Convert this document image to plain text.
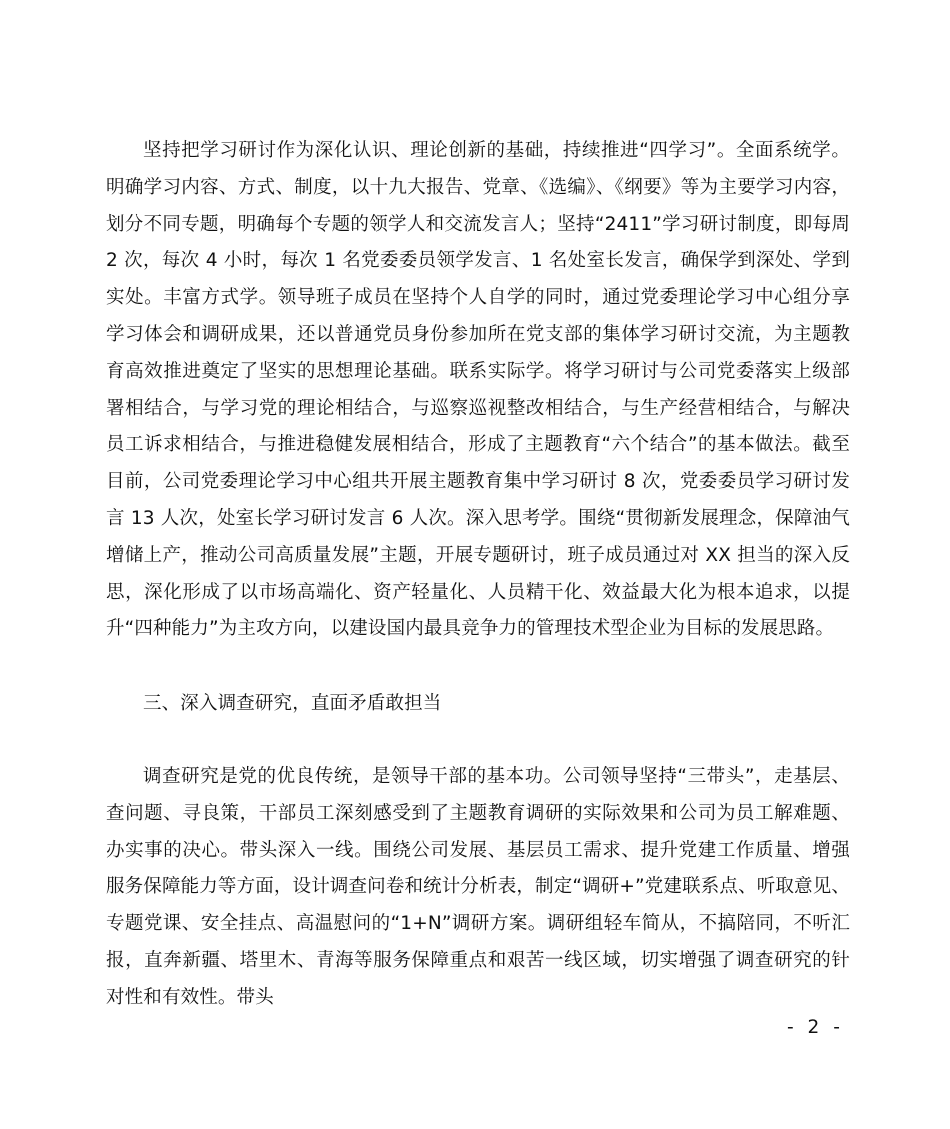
坚持把学习研讨作为深化认识、理论创新的基础，持续推进“四学习”。全面系统学。明确学习内容、方式、制度，以十九大报告、党章、《选编》、《纲要》等为主要学习内容，划分不同专题，明确每个专题的领学人和交流发言人；坚持“2411”学习研讨制度，即每周 2 次，每次 4 小时，每次 1 名党委委员领学发言、1 名处室长发言，确保学到深处、学到实处。丰富方式学。领导班子成员在坚持个人自学的同时，通过党委理论学习中心组分享学习体会和调研成果，还以普通党员身份参加所在党支部的集体学习研讨交流，为主题教育高效推进奠定了坚实的思想理论基础。联系实际学。将学习研讨与公司党委落实上级部署相结合，与学习党的理论相结合，与巡察巡视整改相结合，与生产经营相结合，与解决员工诉求相结合，与推进稳健发展相结合，形成了主题教育“六个结合”的基本做法。截至目前，公司党委理论学习中心组共开展主题教育集中学习研讨 8 次，党委委员学习研讨发言 13 人次，处室长学习研讨发言 6 人次。深入思考学。围绕“贯彻新发展理念，保障油气增储上产，推动公司高质量发展”主题，开展专题研讨，班子成员通过对 XX 担当的深入反思，深化形成了以市场高端化、资产轻量化、人员精干化、效益最大化为根本追求，以提升“四种能力”为主攻方向，以建设国内最具竞争力的管理技术型企业为目标的发展思路。

三、深入调查研究，直面矛盾敢担当

调查研究是党的优良传统，是领导干部的基本功。公司领导坚持“三带头”，走基层、查问题、寻良策，干部员工深刻感受到了主题教育调研的实际效果和公司为员工解难题、办实事的决心。带头深入一线。围绕公司发展、基层员工需求、提升党建工作质量、增强服务保障能力等方面，设计调查问卷和统计分析表，制定“调研+”党建联系点、听取意见、专题党课、安全挂点、高温慰问的“1+N”调研方案。调研组轻车简从，不搞陪同，不听汇报，直奔新疆、塔里木、青海等服务保障重点和艰苦一线区域，切实增强了调查研究的针对性和有效性。带头

- 2 -
